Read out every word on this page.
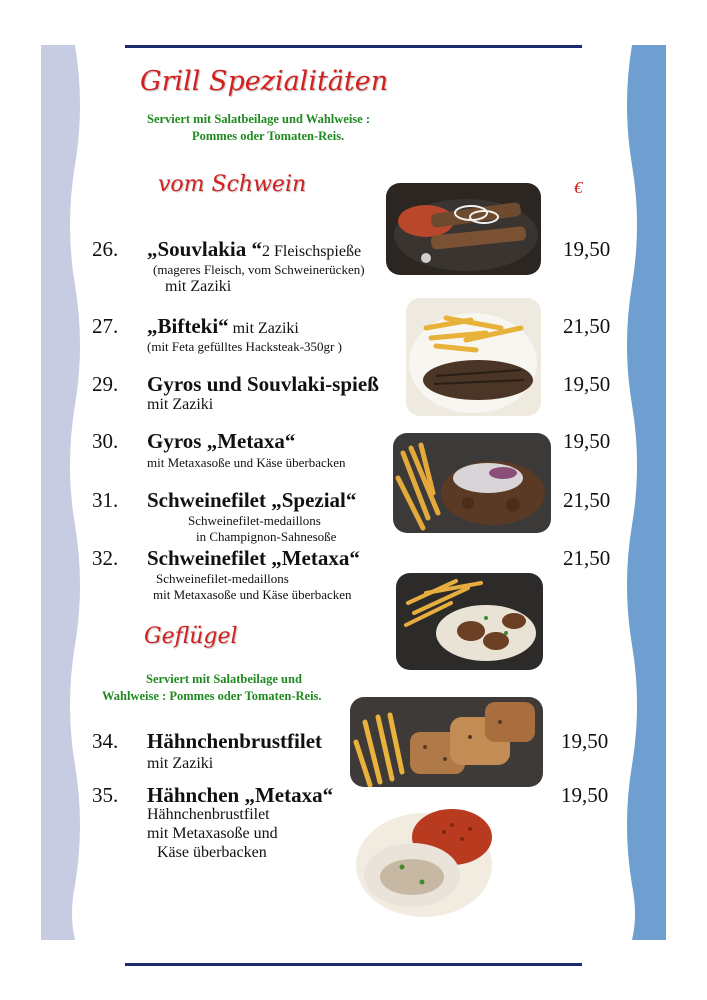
Grill Spezialitäten
Serviert mit Salatbeilage und Wahlweise :
Pommes oder Tomaten-Reis.
vom Schwein	€
26. „Souvlakia “2 Fleischspieße
(mageres Fleisch, vom Schweinerücken)
mit Zaziki
19,50
27. „Bifteki“ mit Zaziki
(mit Feta gefülltes Hacksteak-350gr )
21,50
29. Gyros und Souvlaki-spieß
mit Zaziki
19,50
30. Gyros „Metaxa“
mit Metaxasoße und Käse überbacken
19,50
31. Schweinefilet „Spezial“
Schweinefilet-medaillons
in Champignon-Sahnesoße
21,50
32. Schweinefilet „Metaxa“
Schweinefilet-medaillons
mit Metaxasoße und Käse überbacken
21,50
Geflügel
Serviert mit Salatbeilage und
Wahlweise : Pommes oder Tomaten-Reis.
34. Hähnchenbrustfilet
mit Zaziki
19,50
35. Hähnchen „Metaxa“
Hähnchenbrustfilet
mit Metaxasoße und
Käse überbacken
19,50
